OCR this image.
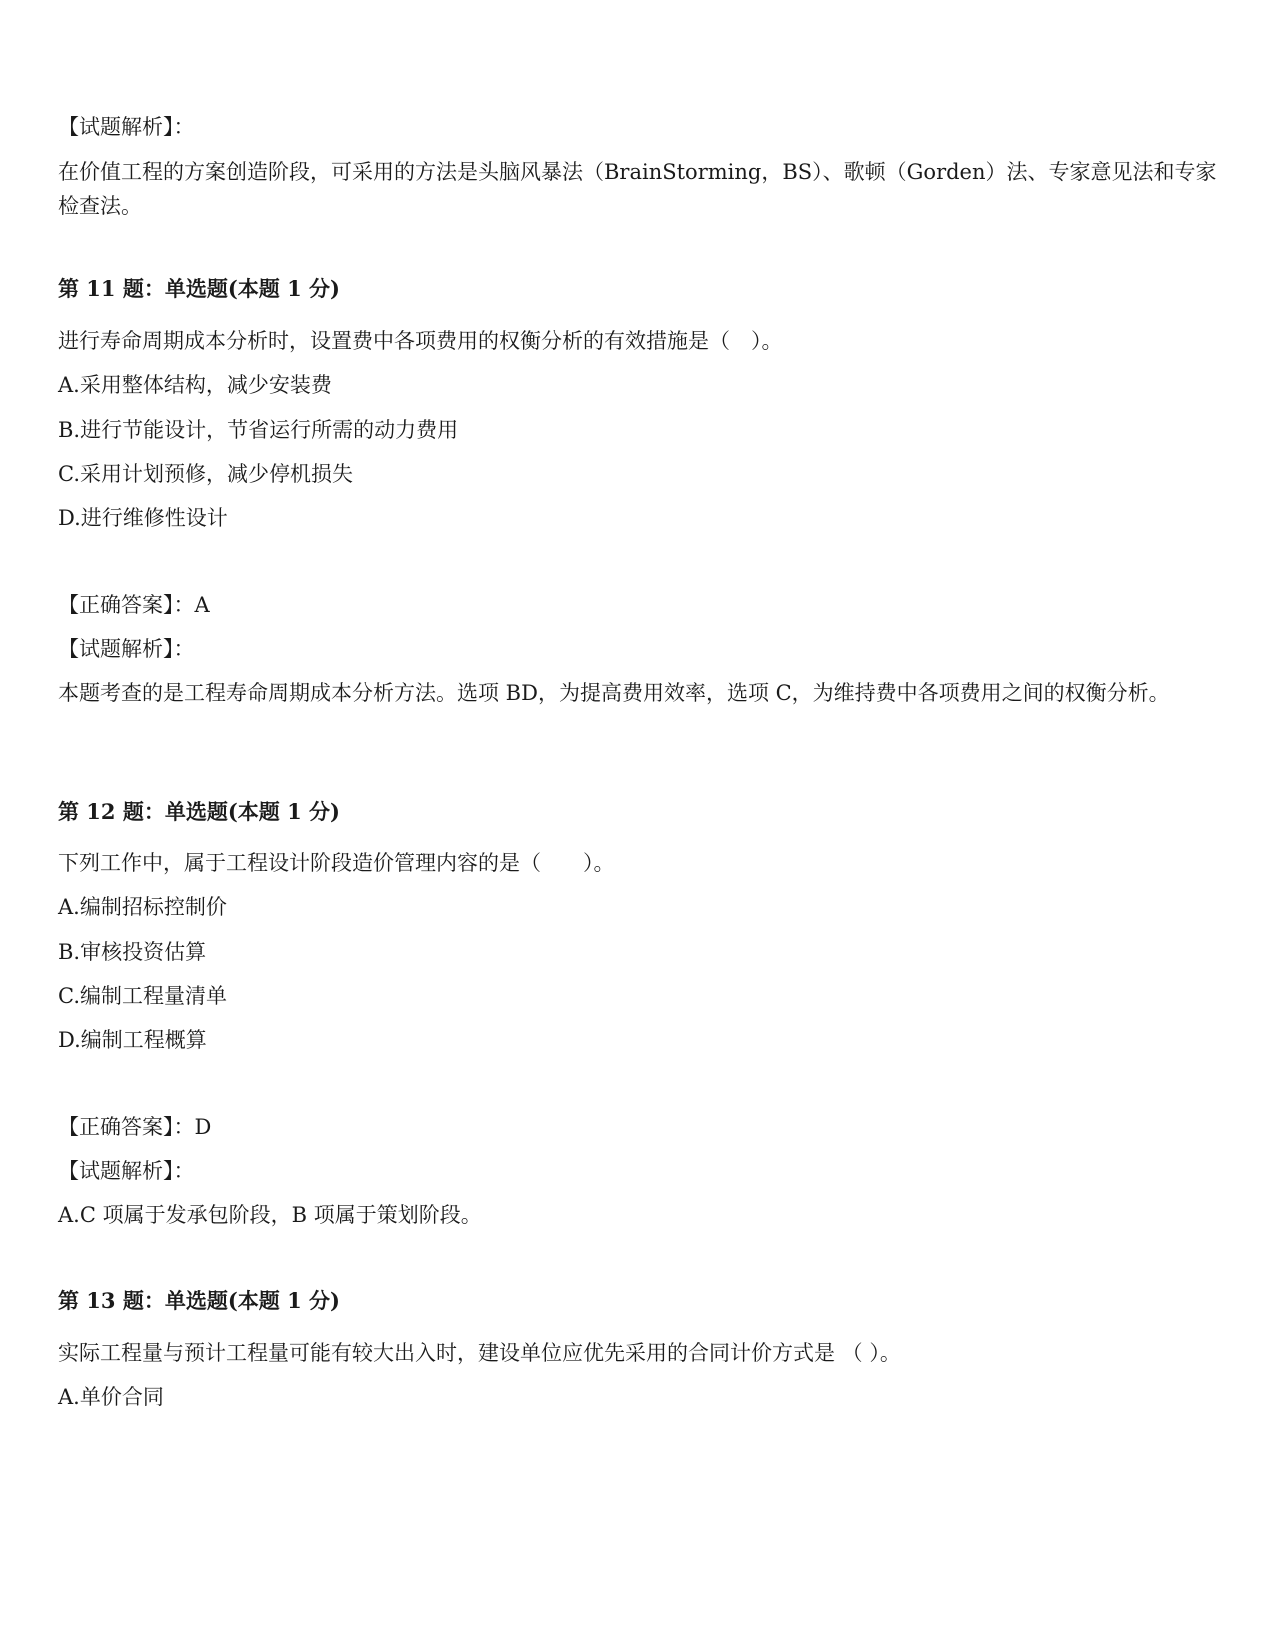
【试题解析】：
在价值工程的方案创造阶段，可采用的方法是头脑风暴法（BrainStorming，BS）、歌顿（Gorden）法、专家意见法和专家检查法。
第 11 题：单选题(本题 1 分)
进行寿命周期成本分析时，设置费中各项费用的权衡分析的有效措施是（　）。
A.采用整体结构，减少安装费
B.进行节能设计，节省运行所需的动力费用
C.采用计划预修，减少停机损失
D.进行维修性设计
【正确答案】：A
【试题解析】：
本题考查的是工程寿命周期成本分析方法。选项 BD，为提高费用效率，选项 C，为维持费中各项费用之间的权衡分析。
第 12 题：单选题(本题 1 分)
下列工作中，属于工程设计阶段造价管理内容的是（　　）。
A.编制招标控制价
B.审核投资估算
C.编制工程量清单
D.编制工程概算
【正确答案】：D
【试题解析】：
A.C 项属于发承包阶段，B 项属于策划阶段。
第 13 题：单选题(本题 1 分)
实际工程量与预计工程量可能有较大出入时，建设单位应优先采用的合同计价方式是 （ ）。
A.单价合同
